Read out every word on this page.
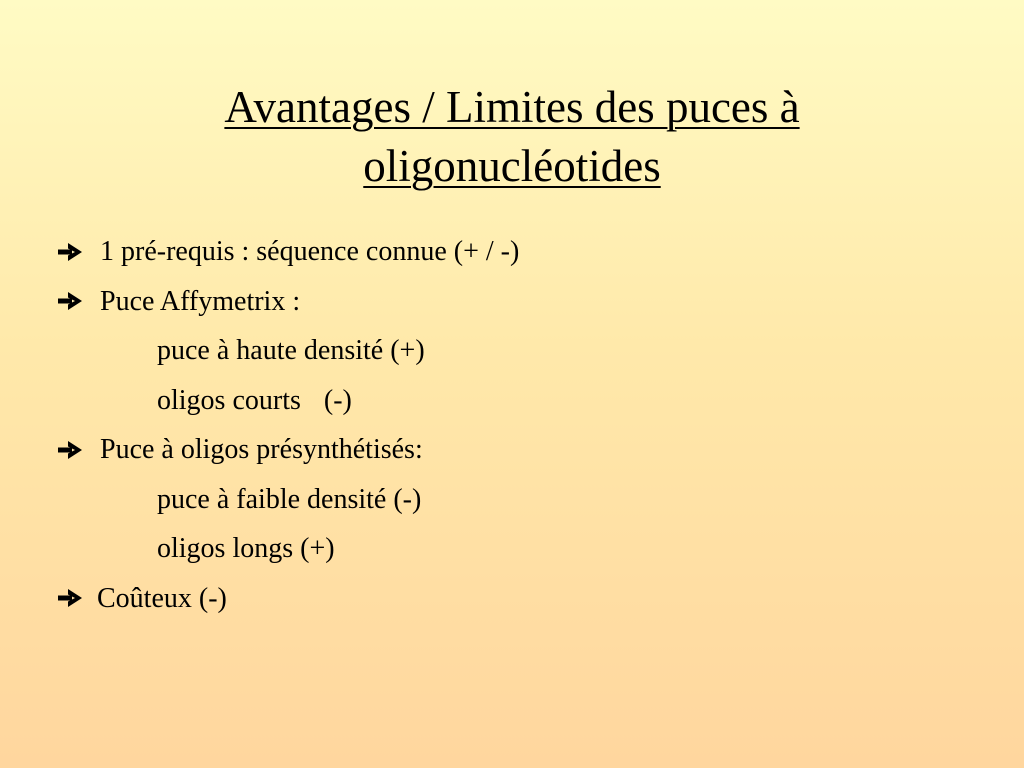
Avantages / Limites des puces à
oligonucléotides
1 pré-requis : séquence connue (+ / -)
Puce Affymetrix :
puce à haute densité (+)
oligos courts (-)
Puce à oligos présynthétisés:
puce à faible densité (-)
oligos longs (+)
Coûteux (-)
